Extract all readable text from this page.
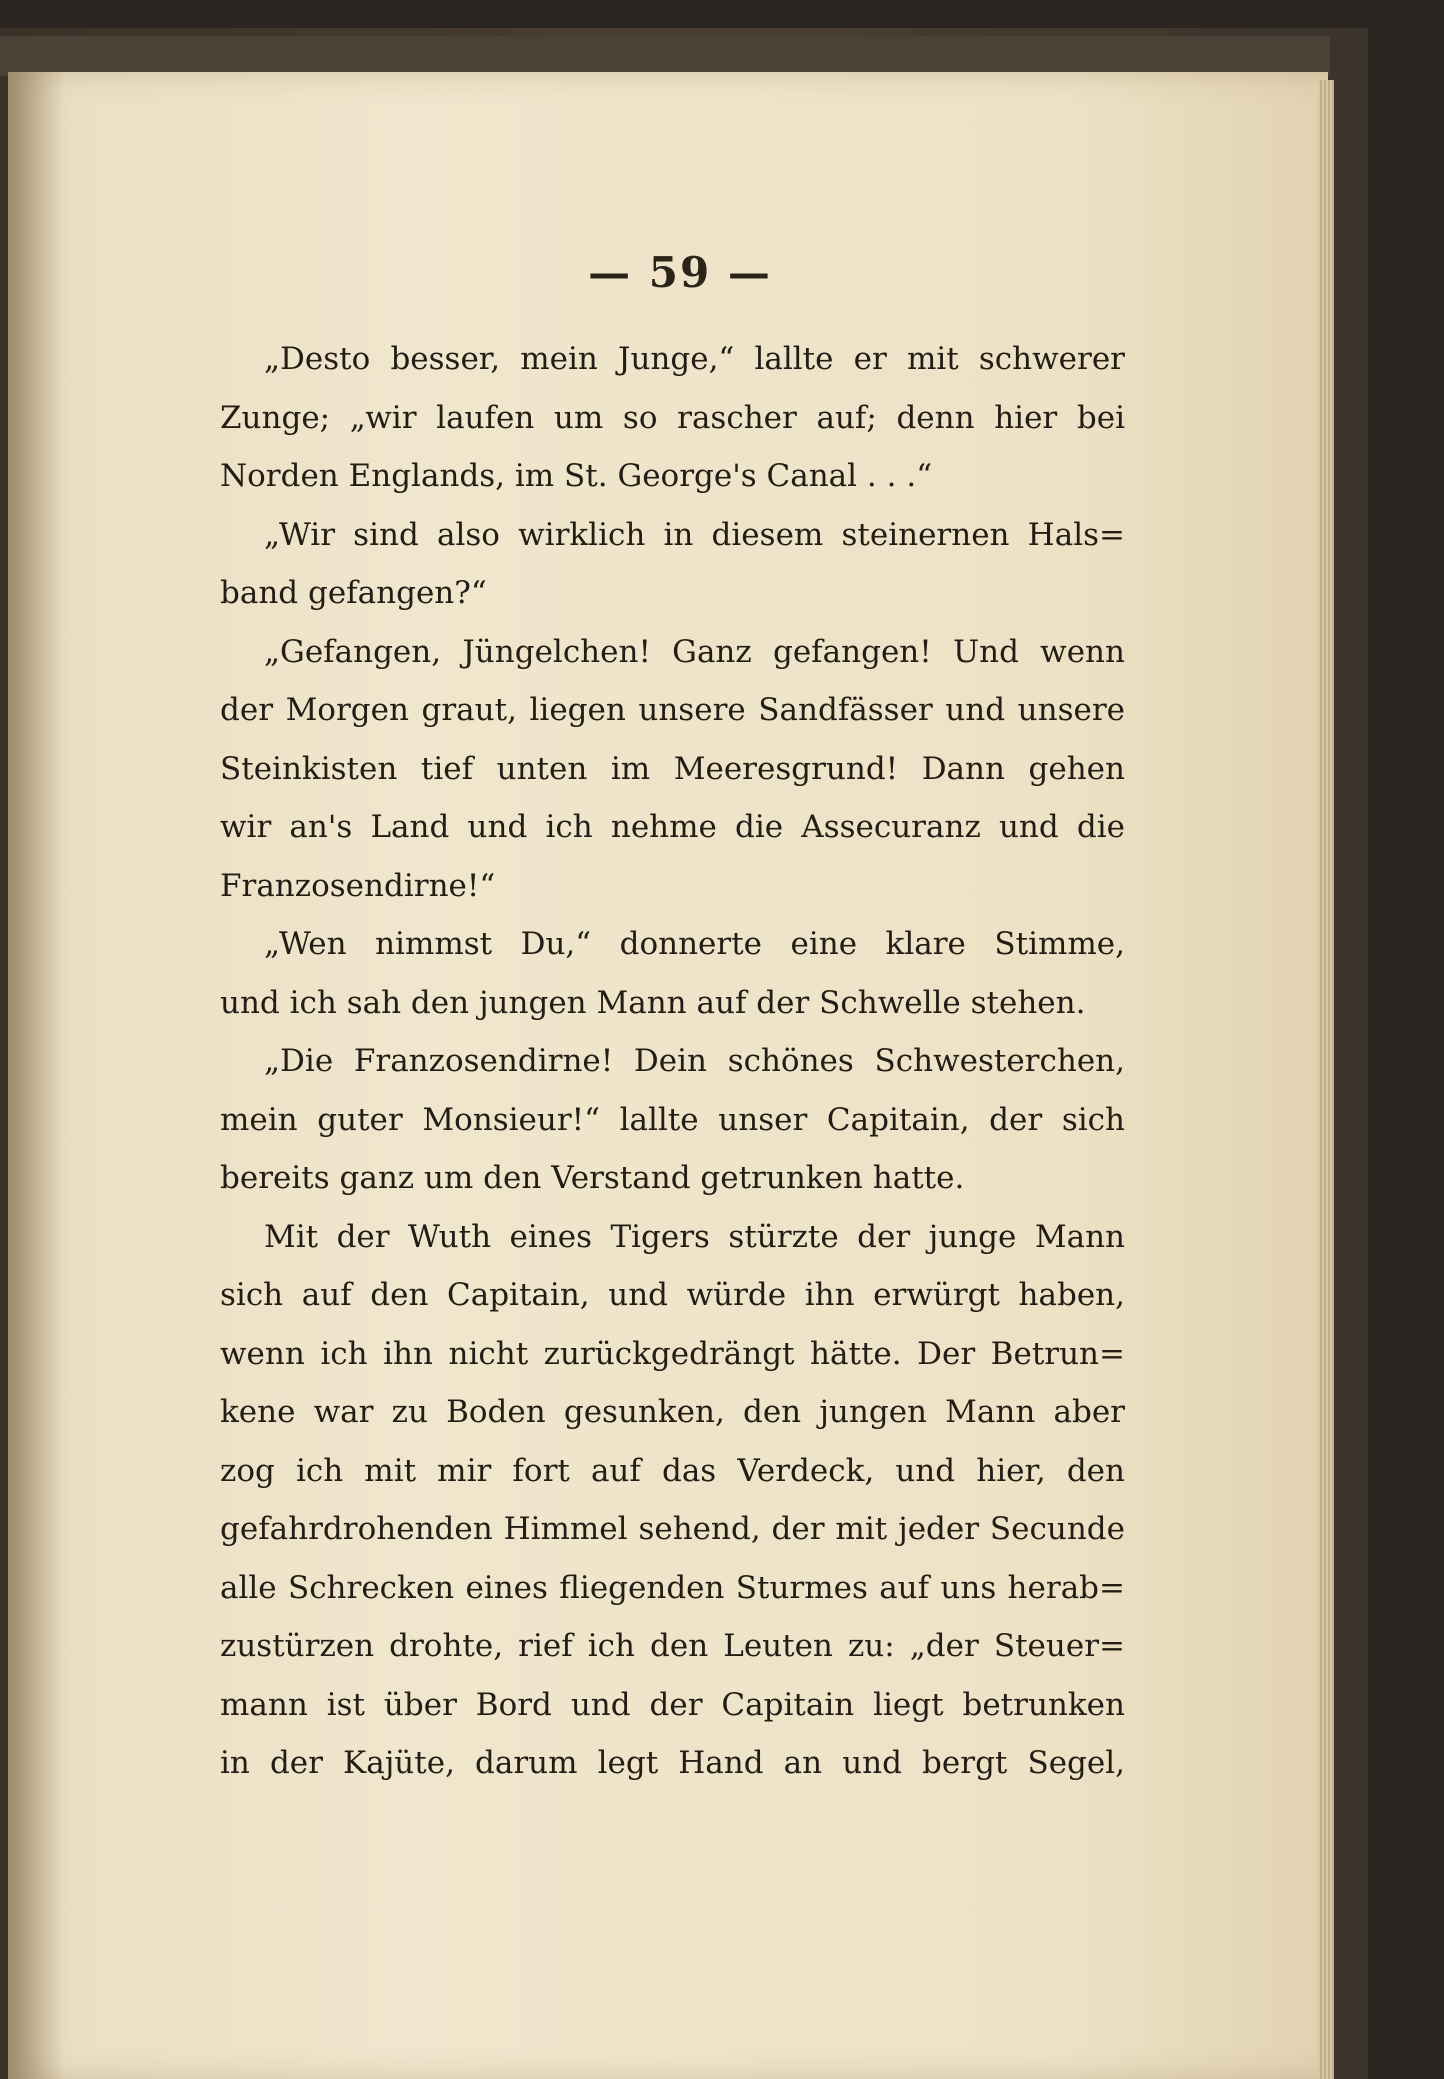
— 59 —
„Desto besser, mein Junge,“ lallte er mit schwerer
Zunge; „wir laufen um so rascher auf; denn hier bei
Norden Englands, im St. George's Canal . . .“
„Wir sind also wirklich in diesem steinernen Hals=
band gefangen?“
„Gefangen, Jüngelchen! Ganz gefangen! Und wenn
der Morgen graut, liegen unsere Sandfässer und unsere
Steinkisten tief unten im Meeresgrund! Dann gehen
wir an's Land und ich nehme die Assecuranz und die
Franzosendirne!“
„Wen nimmst Du,“ donnerte eine klare Stimme,
und ich sah den jungen Mann auf der Schwelle stehen.
„Die Franzosendirne! Dein schönes Schwesterchen,
mein guter Monsieur!“ lallte unser Capitain, der sich
bereits ganz um den Verstand getrunken hatte.
Mit der Wuth eines Tigers stürzte der junge Mann
sich auf den Capitain, und würde ihn erwürgt haben,
wenn ich ihn nicht zurückgedrängt hätte. Der Betrun=
kene war zu Boden gesunken, den jungen Mann aber
zog ich mit mir fort auf das Verdeck, und hier, den
gefahrdrohenden Himmel sehend, der mit jeder Secunde
alle Schrecken eines fliegenden Sturmes auf uns herab=
zustürzen drohte, rief ich den Leuten zu: „der Steuer=
mann ist über Bord und der Capitain liegt betrunken
in der Kajüte, darum legt Hand an und bergt Segel,
